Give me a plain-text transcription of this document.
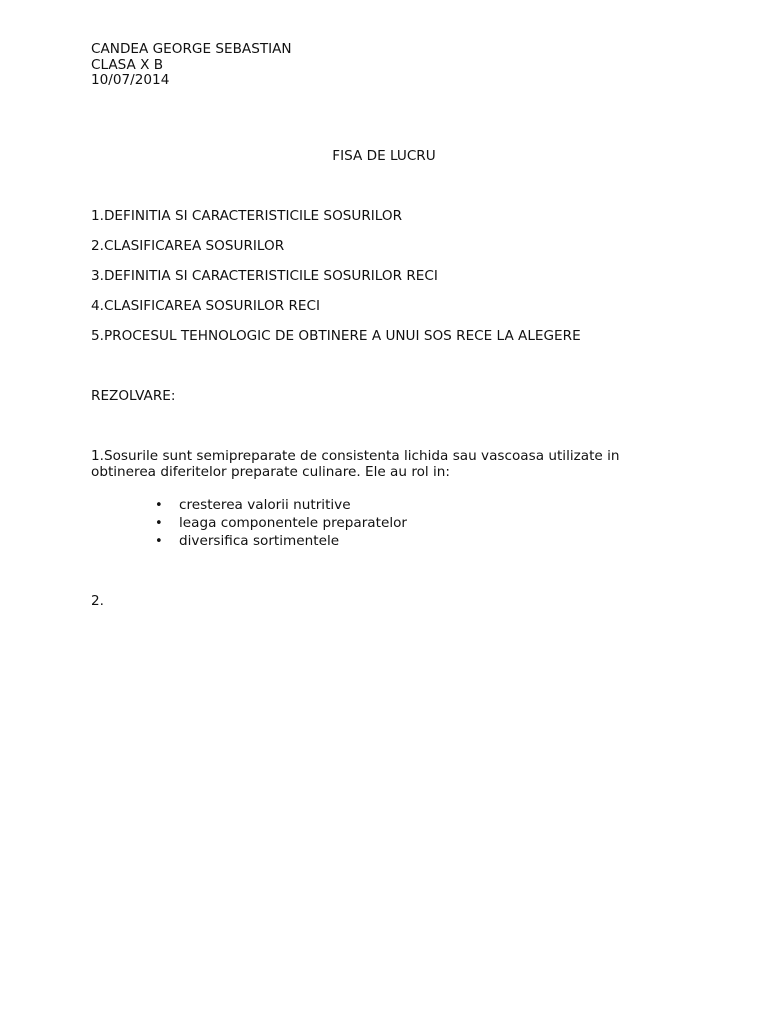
CANDEA GEORGE SEBASTIAN
CLASA X B
10/07/2014
FISA DE LUCRU
1.DEFINITIA SI CARACTERISTICILE SOSURILOR
2.CLASIFICAREA SOSURILOR
3.DEFINITIA SI CARACTERISTICILE SOSURILOR RECI
4.CLASIFICAREA SOSURILOR RECI
5.PROCESUL TEHNOLOGIC DE OBTINERE A UNUI SOS RECE LA ALEGERE
REZOLVARE:
1.Sosurile sunt semipreparate de consistenta lichida sau vascoasa utilizate in obtinerea diferitelor preparate culinare. Ele au rol in:
• cresterea valorii nutritive
• leaga componentele preparatelor
• diversifica sortimentele
2.
